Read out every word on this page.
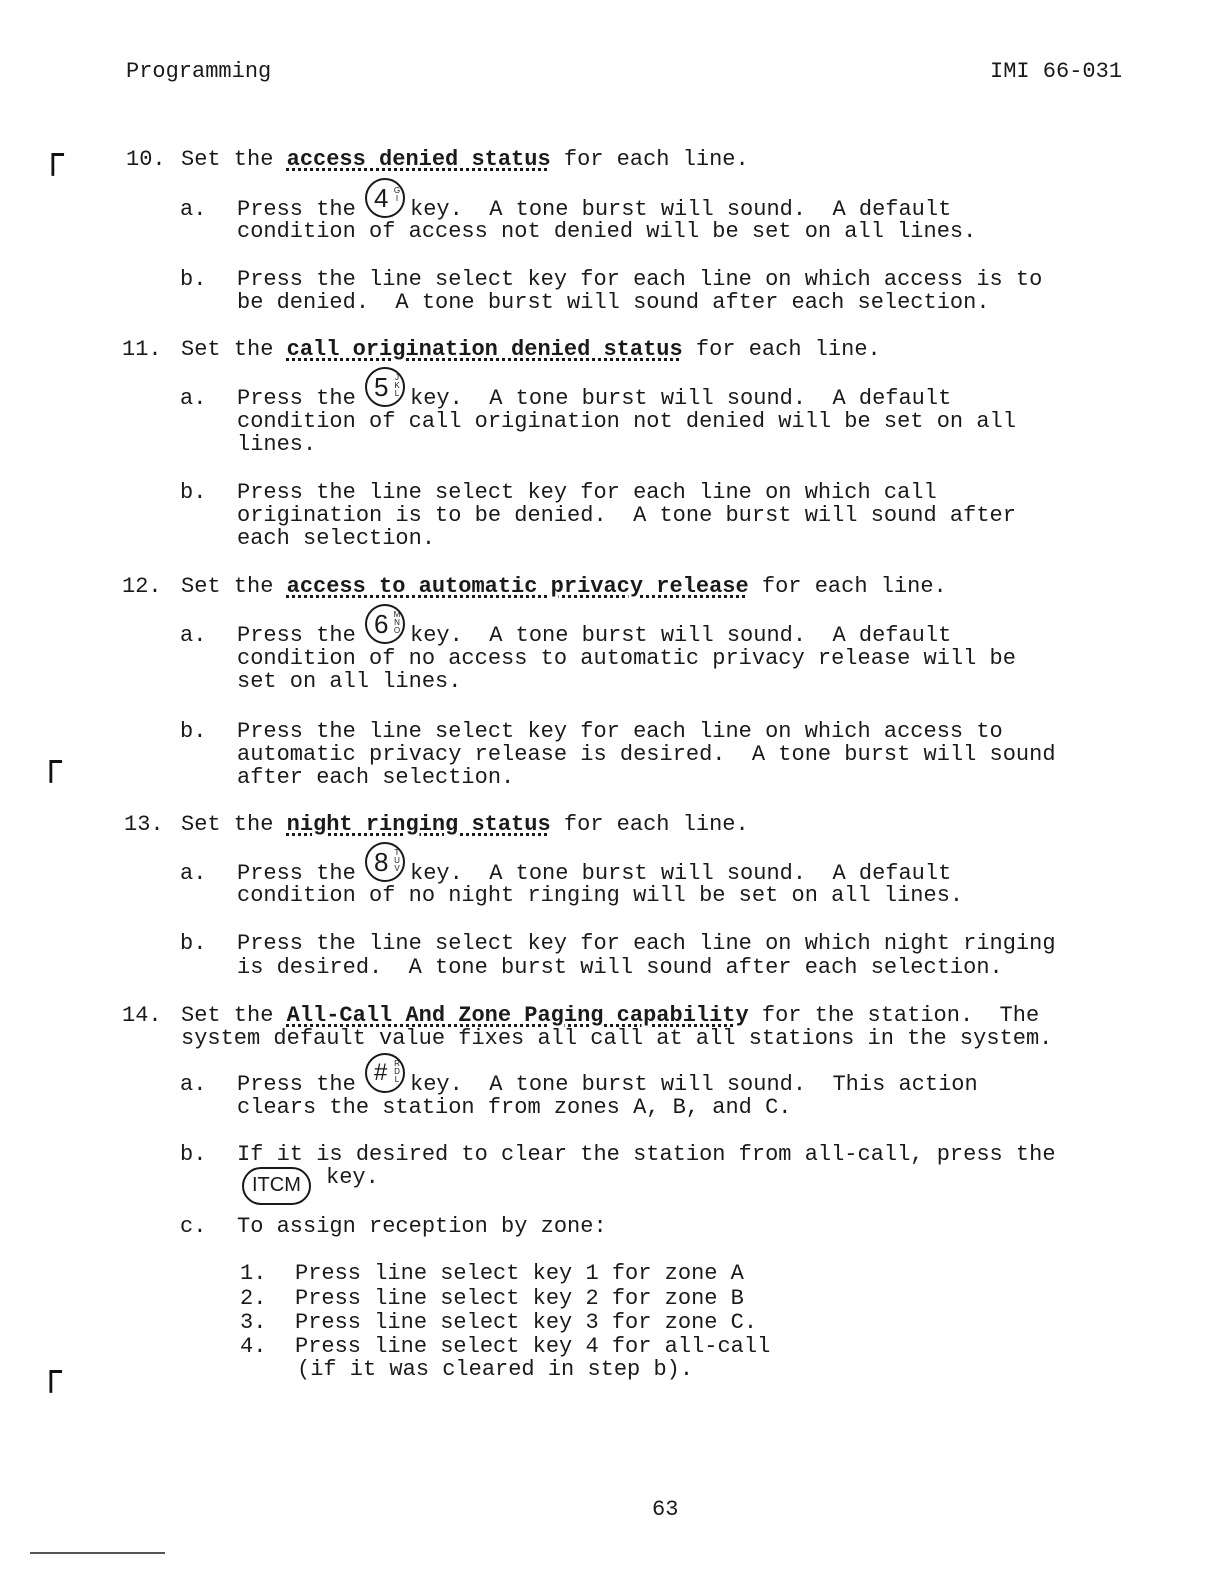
Programming	IMI 66-031
┌
┌
┌
10. Set the access denied status for each line.
a. Press the 4 G
I key.  A tone burst will sound.  A default
condition of access not denied will be set on all lines.
b. Press the line select key for each line on which access is to
be denied.  A tone burst will sound after each selection.
11. Set the call origination denied status for each line.
a. Press the 5 J
K
L key.  A tone burst will sound.  A default
condition of call origination not denied will be set on all
lines.
b. Press the line select key for each line on which call
origination is to be denied.  A tone burst will sound after
each selection.
12. Set the access to automatic privacy release for each line.
a. Press the 6 M
N
O key.  A tone burst will sound.  A default
condition of no access to automatic privacy release will be
set on all lines.
b. Press the line select key for each line on which access to
automatic privacy release is desired.  A tone burst will sound
after each selection.
13. Set the night ringing status for each line.
a. Press the 8 T
U
V key.  A tone burst will sound.  A default
condition of no night ringing will be set on all lines.
b. Press the line select key for each line on which night ringing
is desired.  A tone burst will sound after each selection.
14. Set the All-Call And Zone Paging capability for the station.  The
system default value fixes all call at all stations in the system.
a. Press the # R
D
L key.  A tone burst will sound.  This action
clears the station from zones A, B, and C.
b. If it is desired to clear the station from all-call, press the
ITCM	key.
c. To assign reception by zone:
1. Press line select key 1 for zone A
2. Press line select key 2 for zone B
3. Press line select key 3 for zone C.
4. Press line select key 4 for all-call
(if it was cleared in step b).
63
